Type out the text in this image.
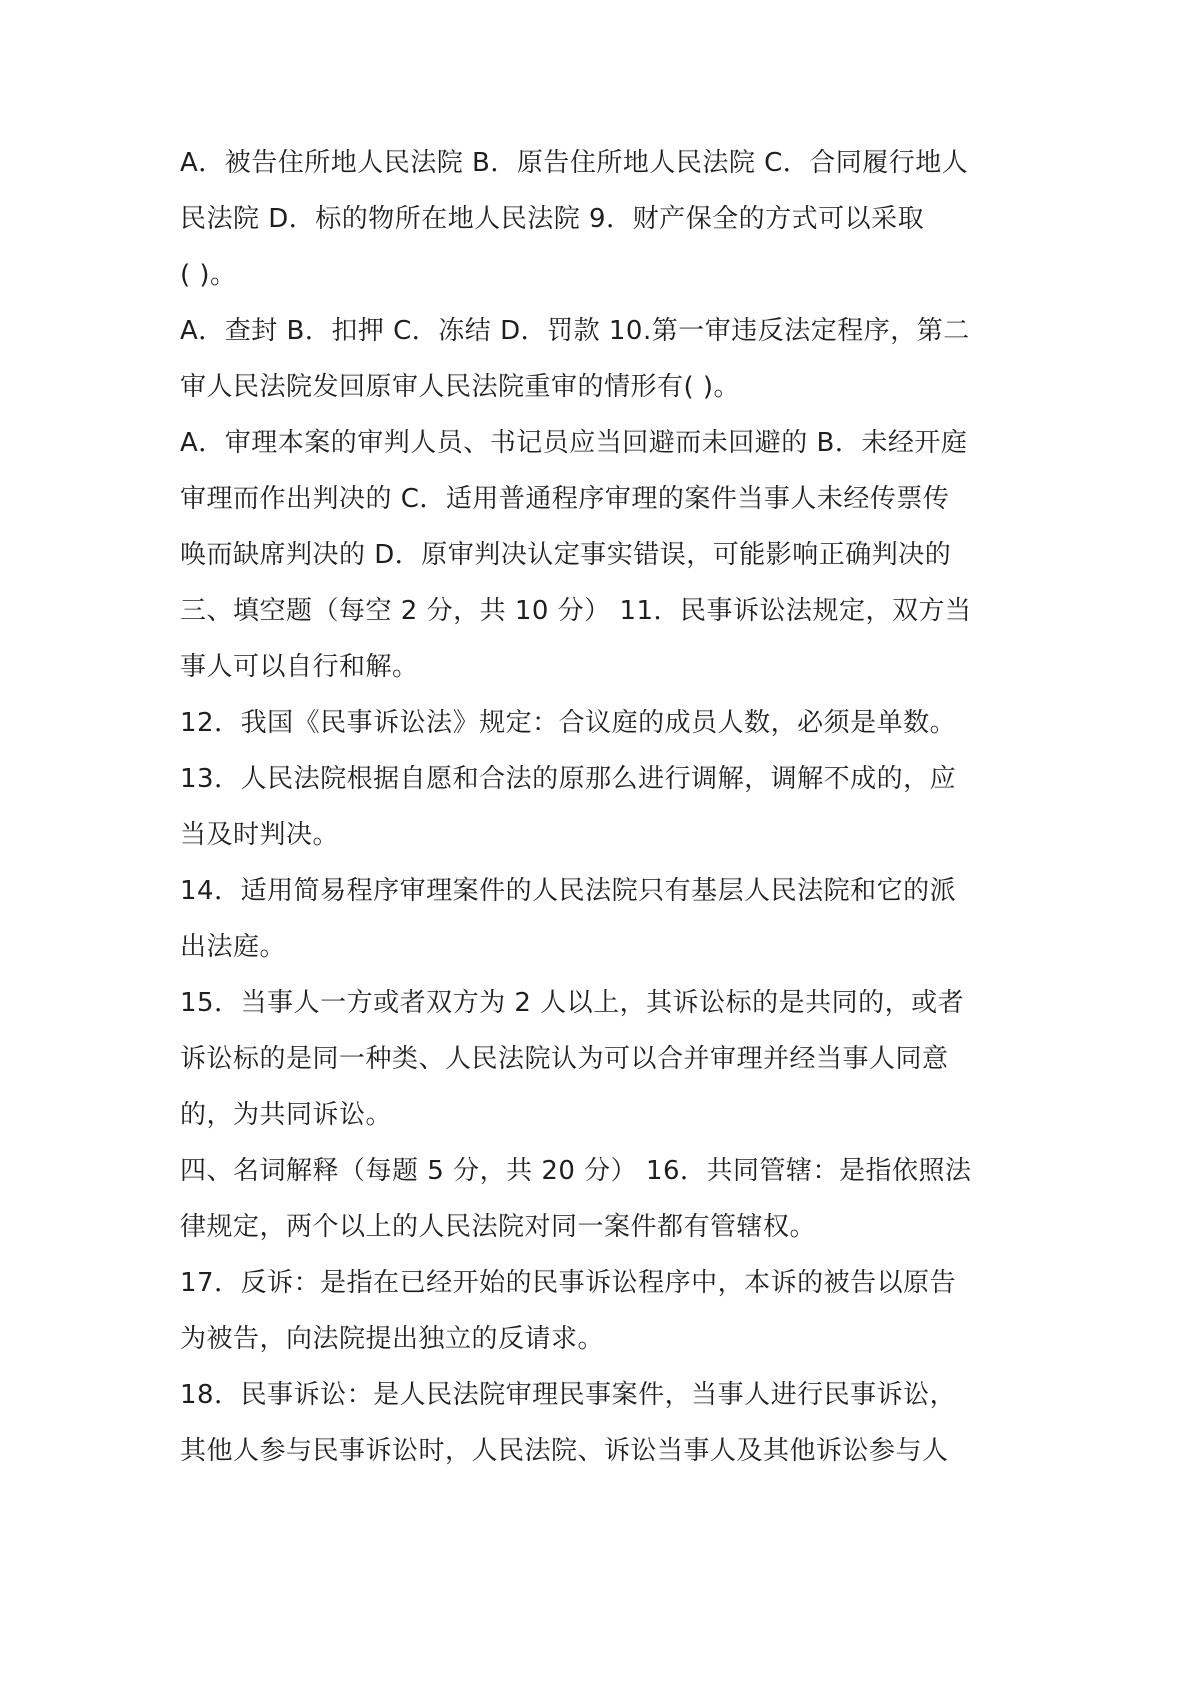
A．被告住所地人民法院 B．原告住所地人民法院 C．合同履行地人
民法院 D．标的物所在地人民法院 9．财产保全的方式可以采取
( )。
A．查封 B．扣押 C．冻结 D．罚款 10.第一审违反法定程序，第二
审人民法院发回原审人民法院重审的情形有( )。
A．审理本案的审判人员、书记员应当回避而未回避的 B．未经开庭
审理而作出判决的 C．适用普通程序审理的案件当事人未经传票传
唤而缺席判决的 D．原审判决认定事实错误，可能影响正确判决的
三、填空题（每空 2 分，共 10 分） 11．民事诉讼法规定，双方当
事人可以自行和解。
12．我国《民事诉讼法》规定：合议庭的成员人数，必须是单数。
13．人民法院根据自愿和合法的原那么进行调解，调解不成的，应
当及时判决。
14．适用简易程序审理案件的人民法院只有基层人民法院和它的派
出法庭。
15．当事人一方或者双方为 2 人以上，其诉讼标的是共同的，或者
诉讼标的是同一种类、人民法院认为可以合并审理并经当事人同意
的，为共同诉讼。
四、名词解释（每题 5 分，共 20 分） 16．共同管辖：是指依照法
律规定，两个以上的人民法院对同一案件都有管辖权。
17．反诉：是指在已经开始的民事诉讼程序中，本诉的被告以原告
为被告，向法院提出独立的反请求。
18．民事诉讼：是人民法院审理民事案件，当事人进行民事诉讼，
其他人参与民事诉讼时，人民法院、诉讼当事人及其他诉讼参与人
